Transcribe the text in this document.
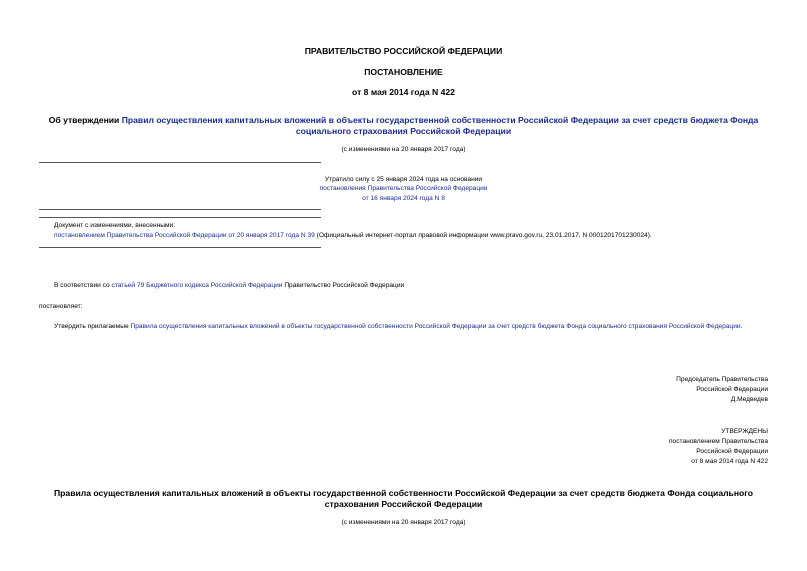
ПРАВИТЕЛЬСТВО РОССИЙСКОЙ ФЕДЕРАЦИИ
ПОСТАНОВЛЕНИЕ
от 8 мая 2014 года N 422
Об утверждении Правил осуществления капитальных вложений в объекты государственной собственности Российской Федерации за счет средств бюджета Фонда социального страхования Российской Федерации
(с изменениями на 20 января 2017 года)
Утратило силу с 25 января 2024 года на основании
постановления Правительства Российской Федерации
от 16 января 2024 года N 8
Документ с изменениями, внесенными:
постановлением Правительства Российской Федерации от 20 января 2017 года N 39 (Официальный интернет-портал правовой информации www.pravo.gov.ru, 23.01.2017, N 0001201701230024).
В соответствии со статьей 79 Бюджетного кодекса Российской Федерации Правительство Российской Федерации
постановляет:
Утвердить прилагаемые Правила осуществления капитальных вложений в объекты государственной собственности Российской Федерации за счет средств бюджета Фонда социального страхования Российской Федерации.
Председатель Правительства
Российской Федерации
Д.Медведев
УТВЕРЖДЕНЫ
постановлением Правительства
Российской Федерации
от 8 мая 2014 года N 422
Правила осуществления капитальных вложений в объекты государственной собственности Российской Федерации за счет средств бюджета Фонда социального страхования Российской Федерации
(с изменениями на 20 января 2017 года)
